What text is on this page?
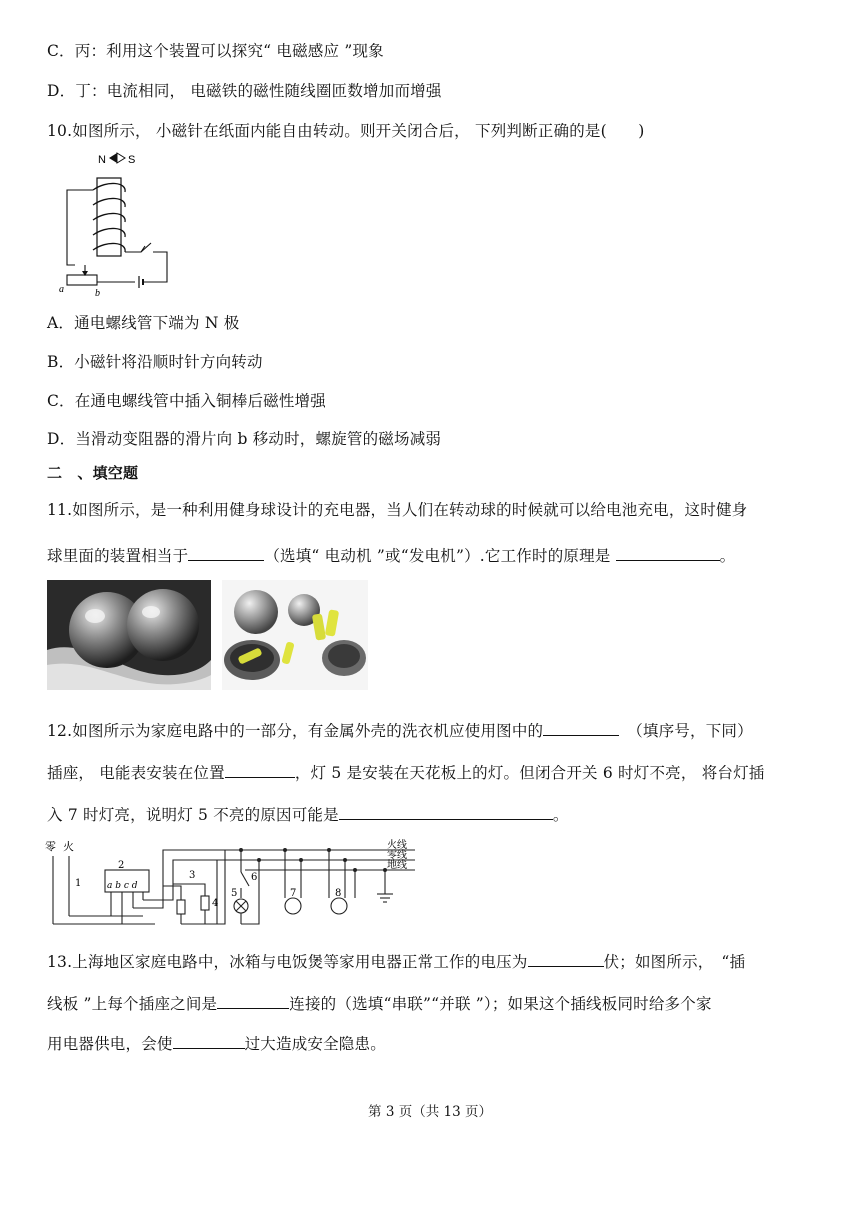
C．丙：利用这个装置可以探究“ 电磁感应 ”现象
D．丁：电流相同， 电磁铁的磁性随线圈匝数增加而增强
10.如图所示， 小磁针在纸面内能自由转动。则开关闭合后， 下列判断正确的是(　　)
N S
a	b
A．通电螺线管下端为 N 极
B．小磁针将沿顺时针方向转动
C．在通电螺线管中插入铜棒后磁性增强
D．当滑动变阻器的滑片向 b 移动时，螺旋管的磁场减弱
二　、填空题
11.如图所示，是一种利用健身球设计的充电器，当人们在转动球的时候就可以给电池充电，这时健身
球里面的装置相当于	（选填“ 电动机 ”或“发电机”）.它工作时的原理是	。
12.如图所示为家庭电路中的一部分，有金属外壳的洗衣机应使用图中的　	（填序号，下同）
插座， 电能表安装在位置	，灯 5 是安装在天花板上的灯。但闭合开关 6 时灯不亮， 将台灯插
入 7 时灯亮，说明灯 5 不亮的原因可能是	。
零 火
1
2
a b c d
3
4
5
6
7	8
火线
零线
地线
13.上海地区家庭电路中，冰箱与电饭煲等家用电器正常工作的电压为	伏；如图所示，　“插
线板 ”上每个插座之间是	连接的（选填“串联”“并联 ”）；如果这个插线板同时给多个家
用电器供电，会使	过大造成安全隐患。
第 3 页（共 13 页）
